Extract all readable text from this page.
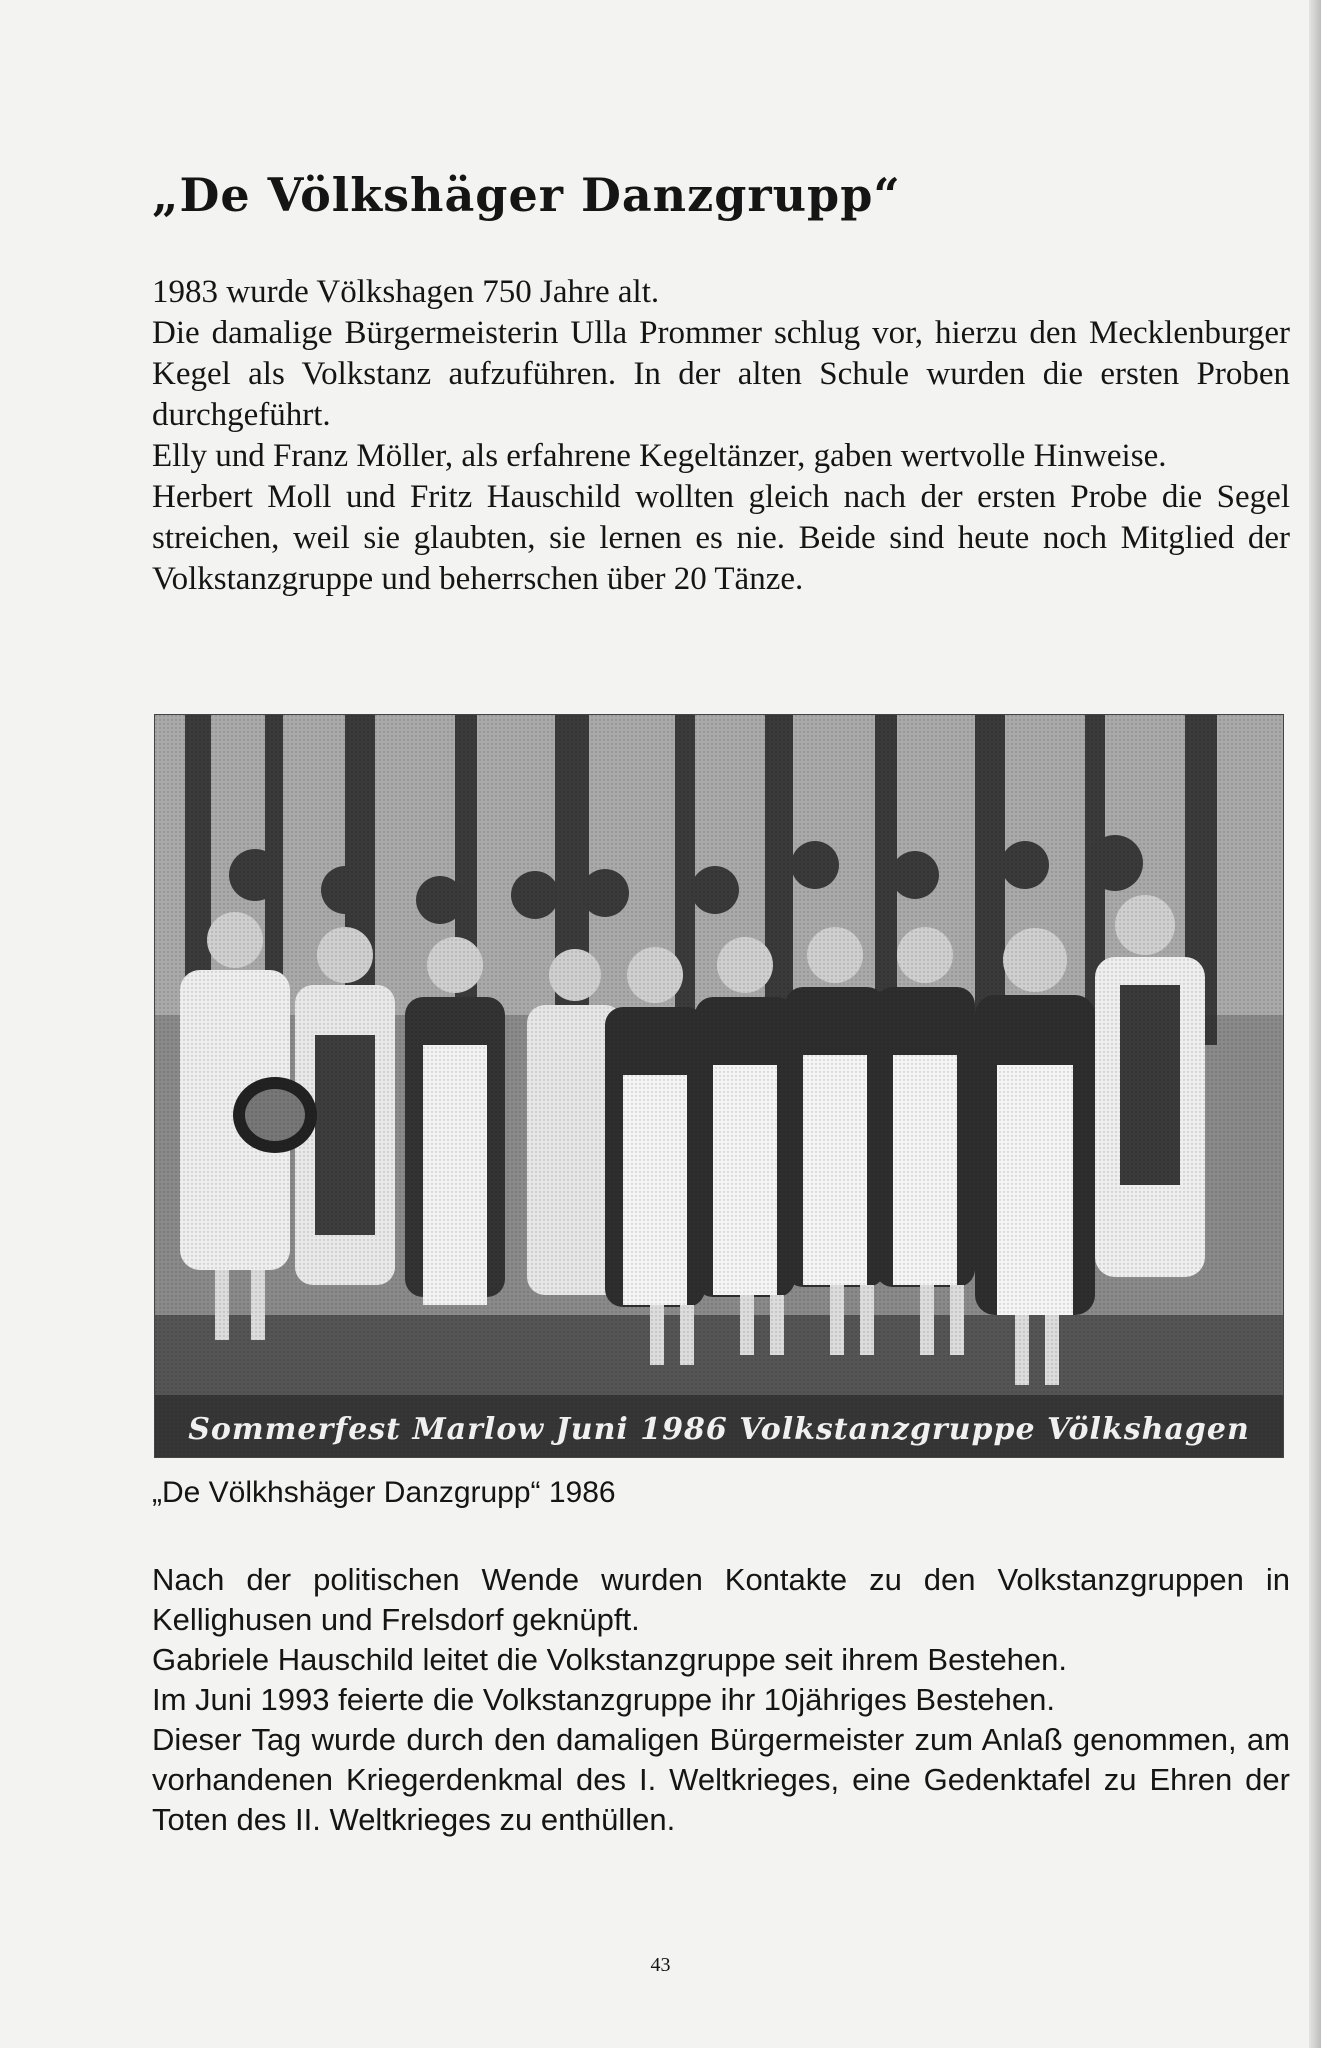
„De Völkshäger Danzgrupp“
1983 wurde Völkshagen 750 Jahre alt.
Die damalige Bürgermeisterin Ulla Prommer schlug vor, hierzu den Mecklenburger Kegel als Volkstanz aufzuführen. In der alten Schule wurden die ersten Proben durchgeführt.
Elly und Franz Möller, als erfahrene Kegeltänzer, gaben wertvolle Hinweise.
Herbert Moll und Fritz Hauschild wollten gleich nach der ersten Probe die Segel streichen, weil sie glaubten, sie lernen es nie. Beide sind heute noch Mitglied der Volkstanzgruppe und beherrschen über 20 Tänze.
Sommerfest Marlow Juni 1986 Volkstanzgruppe Völkshagen

„De Völkhshäger Danzgrupp“ 1986

Nach der politischen Wende wurden Kontakte zu den Volkstanzgruppen in Kellighusen und Frelsdorf geknüpft.
Gabriele Hauschild leitet die Volkstanzgruppe seit ihrem Bestehen.
Im Juni 1993 feierte die Volkstanzgruppe ihr 10jähriges Bestehen.
Dieser Tag wurde durch den damaligen Bürgermeister zum Anlaß genommen, am vorhandenen Kriegerdenkmal des I. Weltkrieges, eine Gedenktafel zu Ehren der Toten des II. Weltkrieges zu enthüllen.

43
